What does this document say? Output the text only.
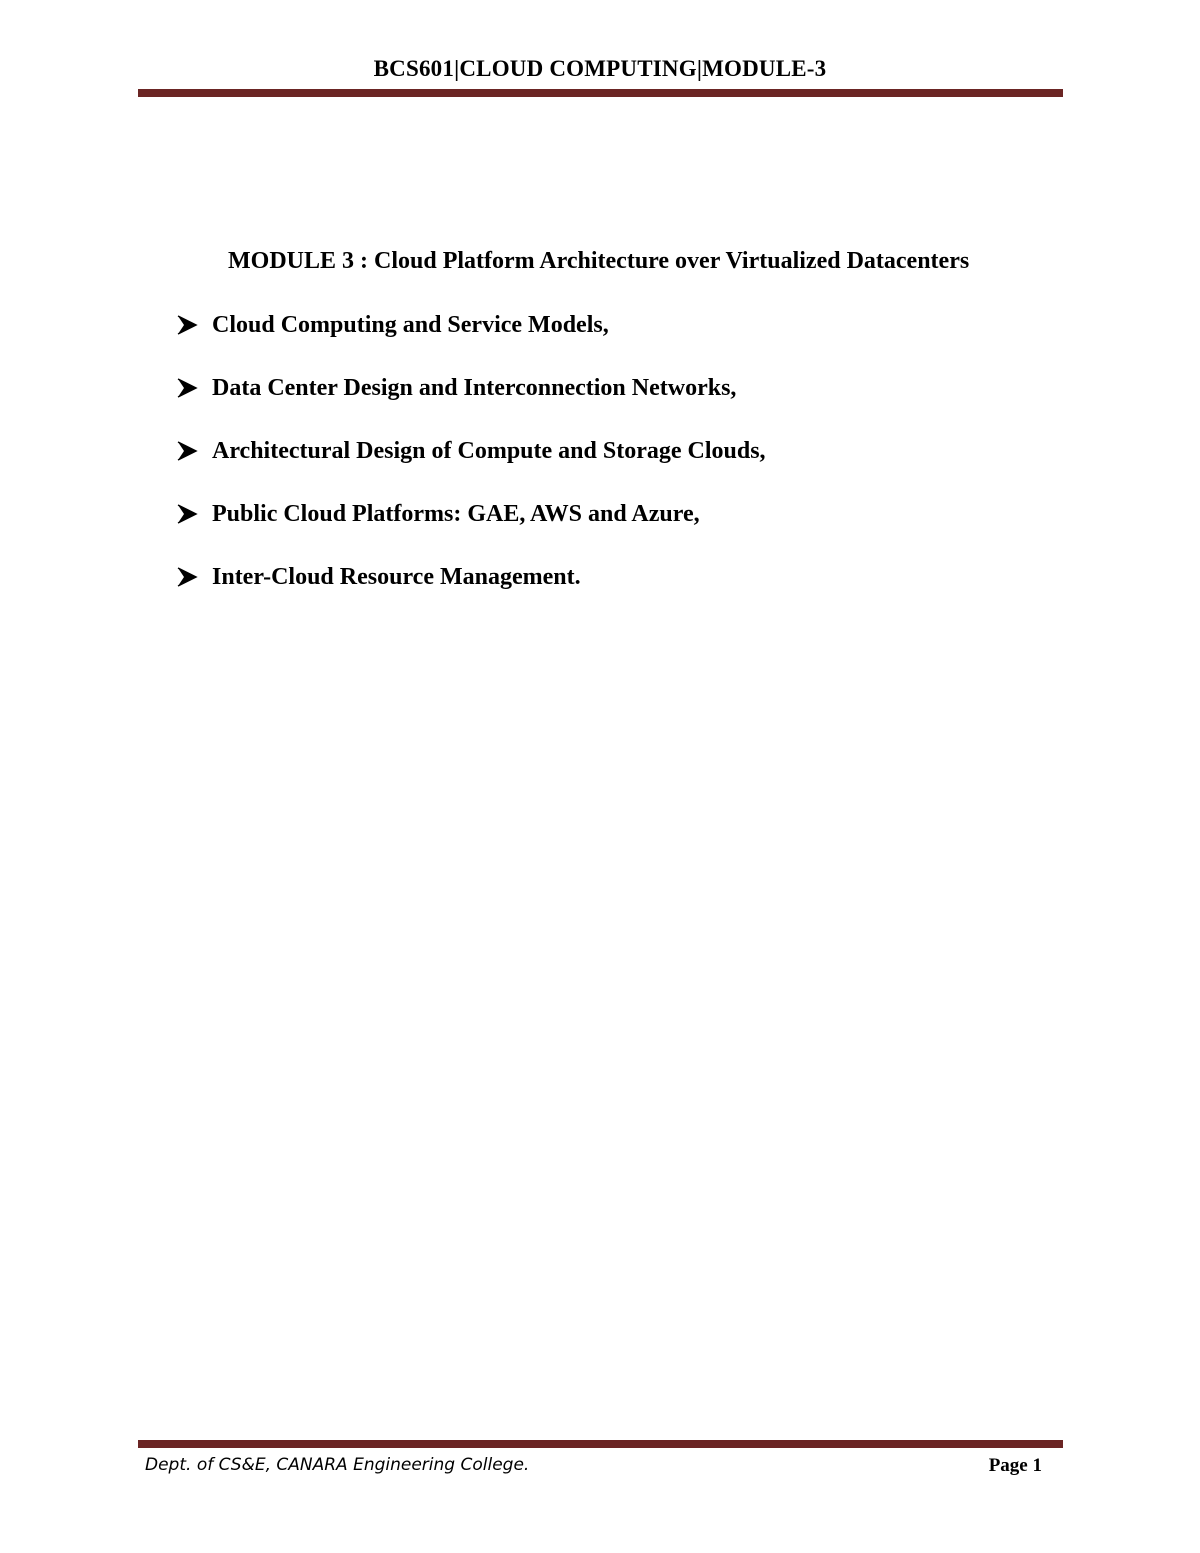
BCS601|CLOUD COMPUTING|MODULE-3
MODULE 3 : Cloud Platform Architecture over Virtualized Datacenters
Cloud Computing and Service Models,
Data Center Design and Interconnection Networks,
Architectural Design of Compute and Storage Clouds,
Public Cloud Platforms: GAE, AWS and Azure,
Inter-Cloud Resource Management.
Dept. of CS&E, CANARA Engineering College.	Page 1
